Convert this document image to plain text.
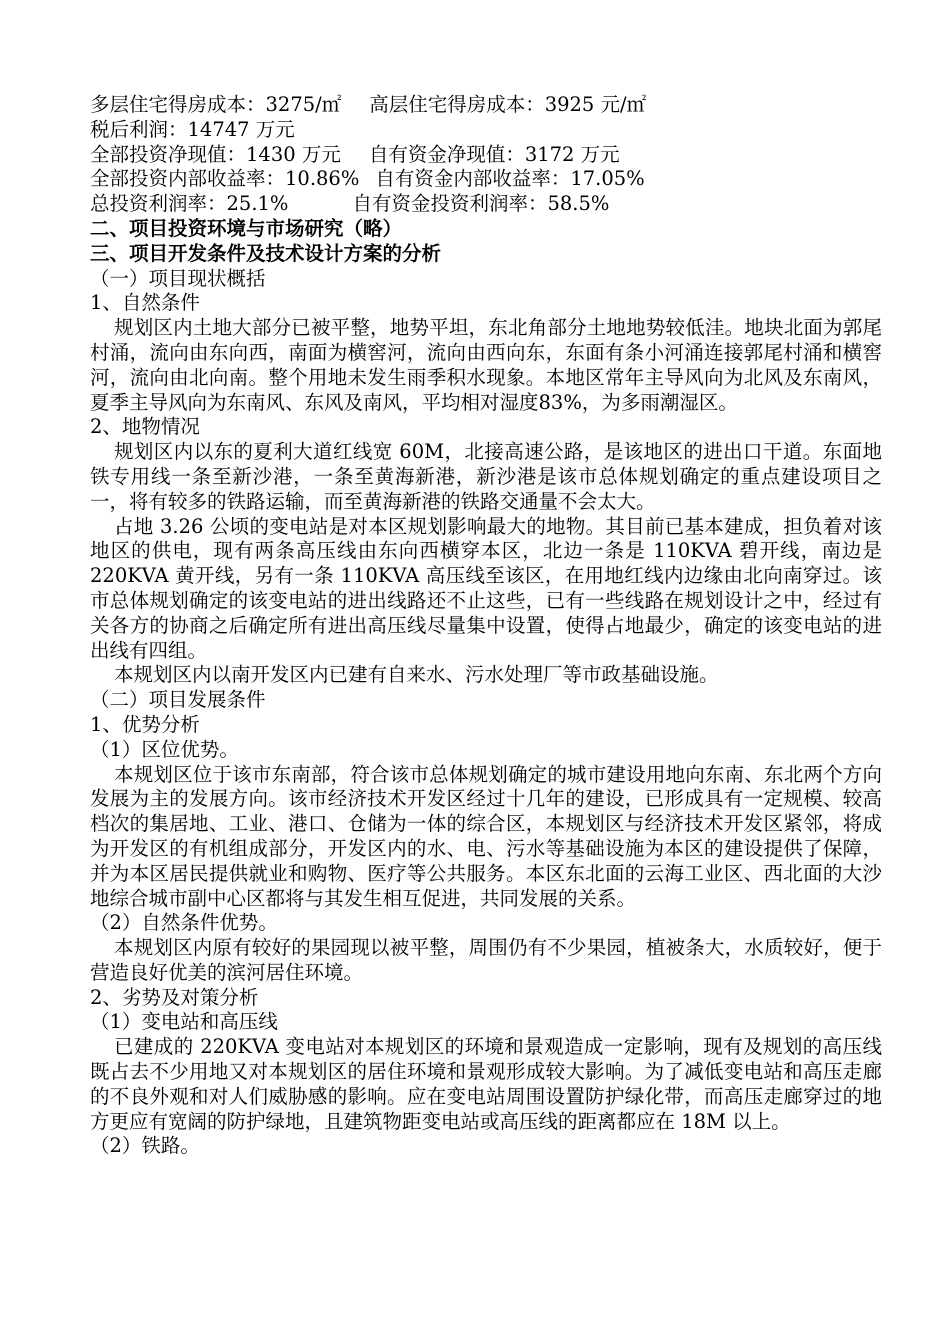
多层住宅得房成本：3275/㎡ 高层住宅得房成本：3925 元/㎡
税后利润：14747 万元
全部投资净现值：1430 万元 自有资金净现值：3172 万元
全部投资内部收益率：10.86% 自有资金内部收益率：17.05%
总投资利润率：25.1%	自有资金投资利润率：58.5%
二、项目投资环境与市场研究（略）
三、项目开发条件及技术设计方案的分析
（一）项目现状概括
1、自然条件

规划区内土地大部分已被平整，地势平坦，东北角部分土地地势较低洼。地块北面为郭尾村涌，流向由东向西，南面为横窖河，流向由西向东，东面有条小河涌连接郭尾村涌和横窖河，流向由北向南。整个用地未发生雨季积水现象。本地区常年主导风向为北风及东南风，夏季主导风向为东南风、东风及南风，平均相对湿度83%，为多雨潮湿区。

2、地物情况

规划区内以东的夏利大道红线宽 60M，北接高速公路，是该地区的进出口干道。东面地铁专用线一条至新沙港，一条至黄海新港，新沙港是该市总体规划确定的重点建设项目之一，将有较多的铁路运输，而至黄海新港的铁路交通量不会太大。

占地 3.26 公顷的变电站是对本区规划影响最大的地物。其目前已基本建成，担负着对该地区的供电，现有两条高压线由东向西横穿本区，北边一条是 110KVA 碧开线，南边是 220KVA 黄开线，另有一条 110KVA 高压线至该区，在用地红线内边缘由北向南穿过。该市总体规划确定的该变电站的进出线路还不止这些，已有一些线路在规划设计之中，经过有关各方的协商之后确定所有进出高压线尽量集中设置，使得占地最少，确定的该变电站的进出线有四组。

本规划区内以南开发区内已建有自来水、污水处理厂等市政基础设施。

（二）项目发展条件
1、优势分析
（1）区位优势。

本规划区位于该市东南部，符合该市总体规划确定的城市建设用地向东南、东北两个方向发展为主的发展方向。该市经济技术开发区经过十几年的建设，已形成具有一定规模、较高档次的集居地、工业、港口、仓储为一体的综合区，本规划区与经济技术开发区紧邻，将成为开发区的有机组成部分，开发区内的水、电、污水等基础设施为本区的建设提供了保障，并为本区居民提供就业和购物、医疗等公共服务。本区东北面的云海工业区、西北面的大沙地综合城市副中心区都将与其发生相互促进，共同发展的关系。

（2）自然条件优势。

本规划区内原有较好的果园现以被平整，周围仍有不少果园，植被条大，水质较好，便于营造良好优美的滨河居住环境。

2、劣势及对策分析
（1）变电站和高压线

已建成的 220KVA 变电站对本规划区的环境和景观造成一定影响，现有及规划的高压线既占去不少用地又对本规划区的居住环境和景观形成较大影响。为了减低变电站和高压走廊的不良外观和对人们威胁感的影响。应在变电站周围设置防护绿化带，而高压走廊穿过的地方更应有宽阔的防护绿地，且建筑物距变电站或高压线的距离都应在 18M 以上。

（2）铁路。
